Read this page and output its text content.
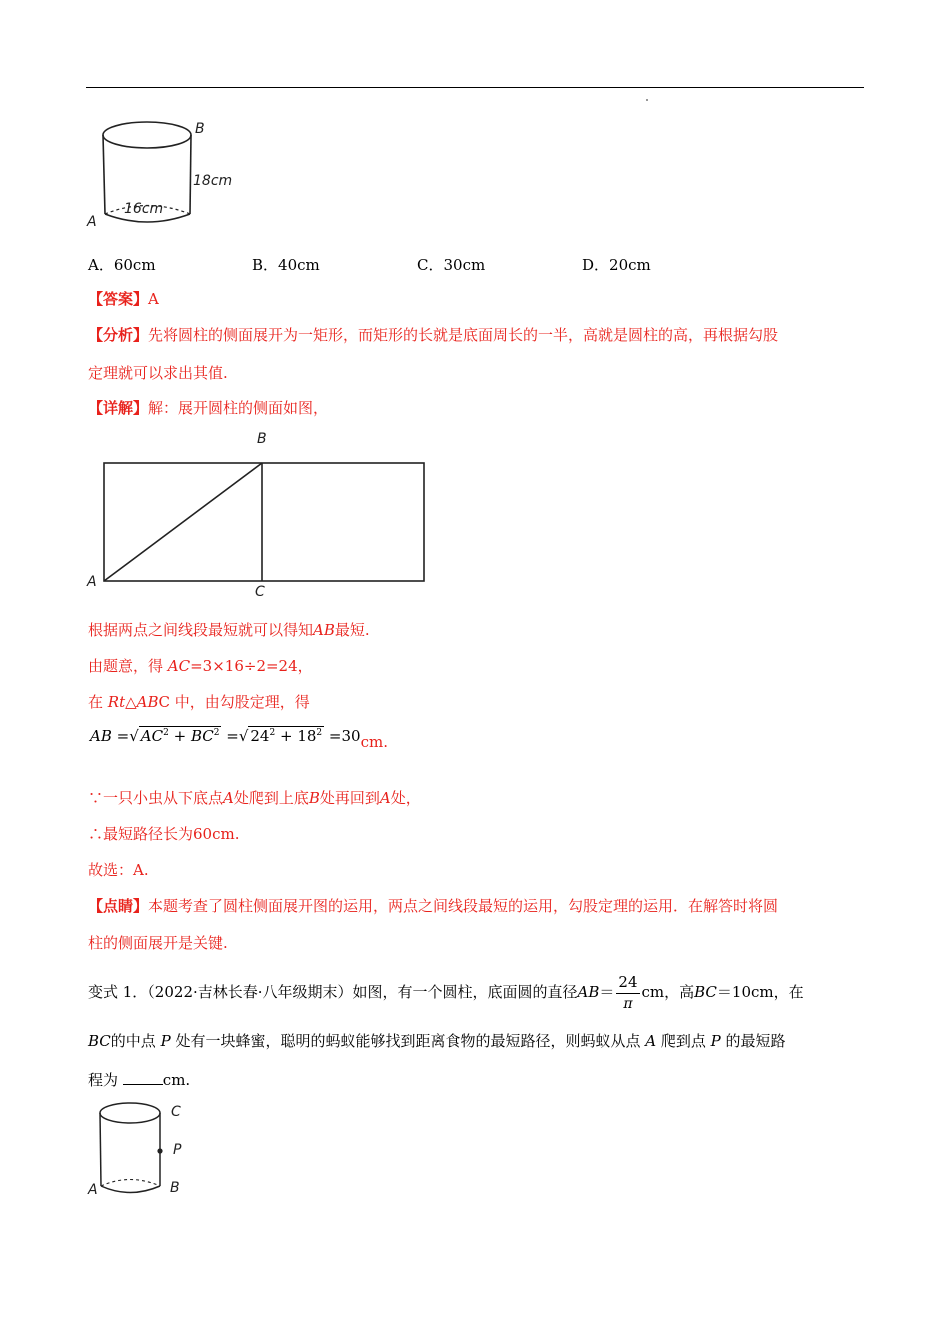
B
18cm
16cm
A
A．60cm	B．40cm	C．30cm	D．20cm
【答案】A
【分析】先将圆柱的侧面展开为一矩形，而矩形的长就是底面周长的一半，高就是圆柱的高，再根据勾股
定理就可以求出其值.
【详解】解：展开圆柱的侧面如图，
B
A
C
根据两点之间线段最短就可以得知AB最短.
由题意，得 AC=3×16÷2=24，
在 Rt△ABC 中，由勾股定理，得
AB =√ $AC^2 + BC^2$ =√ $24^2 + 18^2 =30cm$.
∵一只小虫从下底点A处爬到上底B处再回到A处，
∴最短路径长为60cm.
故选：A.
【点睛】本题考查了圆柱侧面展开图的运用，两点之间线段最短的运用，勾股定理的运用．在解答时将圆
柱的侧面展开是关键.
变式 1．（2022·吉林长春·八年级期末）如图，有一个圆柱，底面圆的直径$AB= \frac{24}{\pi}$ cm，高BC＝10cm，在
BC的中点 P 处有一块蜂蜜，聪明的蚂蚁能够找到距离食物的最短路径，则蚂蚁从点 A 爬到点 P 的最短路
程为	cm.
C
P
A	B
